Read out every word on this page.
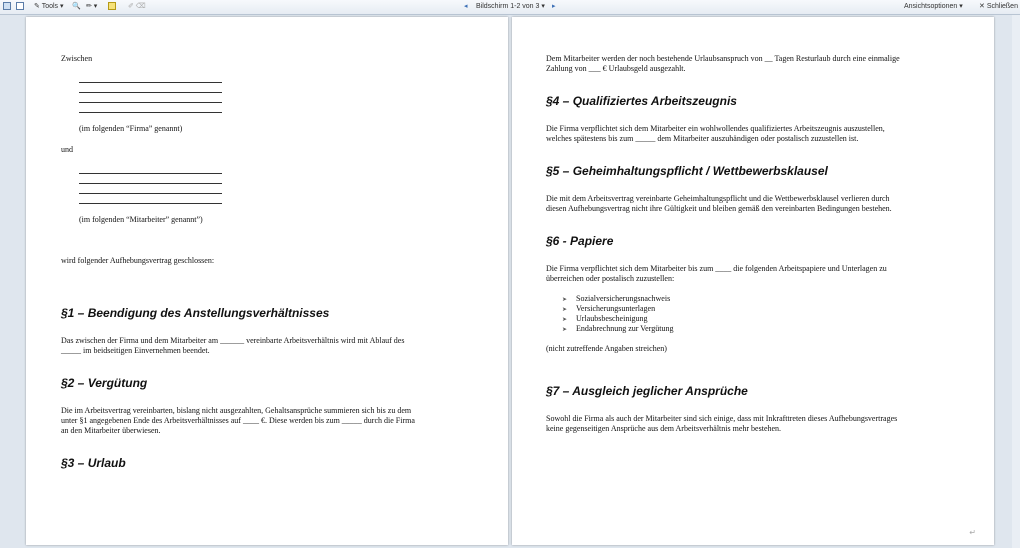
✎ Tools ▾ 🔍 ✏ ▾	✐ ⌫	◂ Bildschirm 1-2 von 3 ▾ ▸	Ansichtsoptionen ▾ ✕ Schließen

Zwischen

(im folgenden “Firma” genannt)

und

(im folgenden “Mitarbeiter” genannt”)

wird folgender Aufhebungsvertrag geschlossen:

§1 – Beendigung des Anstellungsverhältnisses

Das zwischen der Firma und dem Mitarbeiter am ______ vereinbarte Arbeitsverhältnis wird mit Ablauf des

_____ im beidseitigen Einvernehmen beendet.

§2 – Vergütung

Die im Arbeitsvertrag vereinbarten, bislang nicht ausgezahlten, Gehaltsansprüche summieren sich bis zu dem

unter §1 angegebenen Ende des Arbeitsverhältnisses auf ____ €. Diese werden bis zum _____ durch die Firma

an den Mitarbeiter überwiesen.

§3 – Urlaub

Dem Mitarbeiter werden der noch bestehende Urlaubsanspruch von __ Tagen Resturlaub durch eine einmalige

Zahlung von ___ € Urlaubsgeld ausgezahlt.

§4 – Qualifiziertes Arbeitszeugnis

Die Firma verpflichtet sich dem Mitarbeiter ein wohlwollendes qualifiziertes Arbeitszeugnis auszustellen,

welches spätestens bis zum _____ dem Mitarbeiter auszuhändigen oder postalisch zuzustellen ist.

§5 – Geheimhaltungspflicht / Wettbewerbsklausel

Die mit dem Arbeitsvertrag vereinbarte Geheimhaltungspflicht und die Wettbewerbsklausel verlieren durch

diesen Aufhebungsvertrag nicht ihre Gültigkeit und bleiben gemäß den vereinbarten Bedingungen bestehen.

§6 - Papiere

Die Firma verpflichtet sich dem Mitarbeiter bis zum ____ die folgenden Arbeitspapiere und Unterlagen zu

überreichen oder postalisch zuzustellen:

➤ Sozialversicherungsnachweis
➤ Versicherungsunterlagen
➤ Urlaubsbescheinigung
➤ Endabrechnung zur Vergütung

(nicht zutreffende Angaben streichen)

§7 – Ausgleich jeglicher Ansprüche

Sowohl die Firma als auch der Mitarbeiter sind sich einige, dass mit Inkrafttreten dieses Aufhebungsvertrages

keine gegenseitigen Ansprüche aus dem Arbeitsverhältnis mehr bestehen.

↵
